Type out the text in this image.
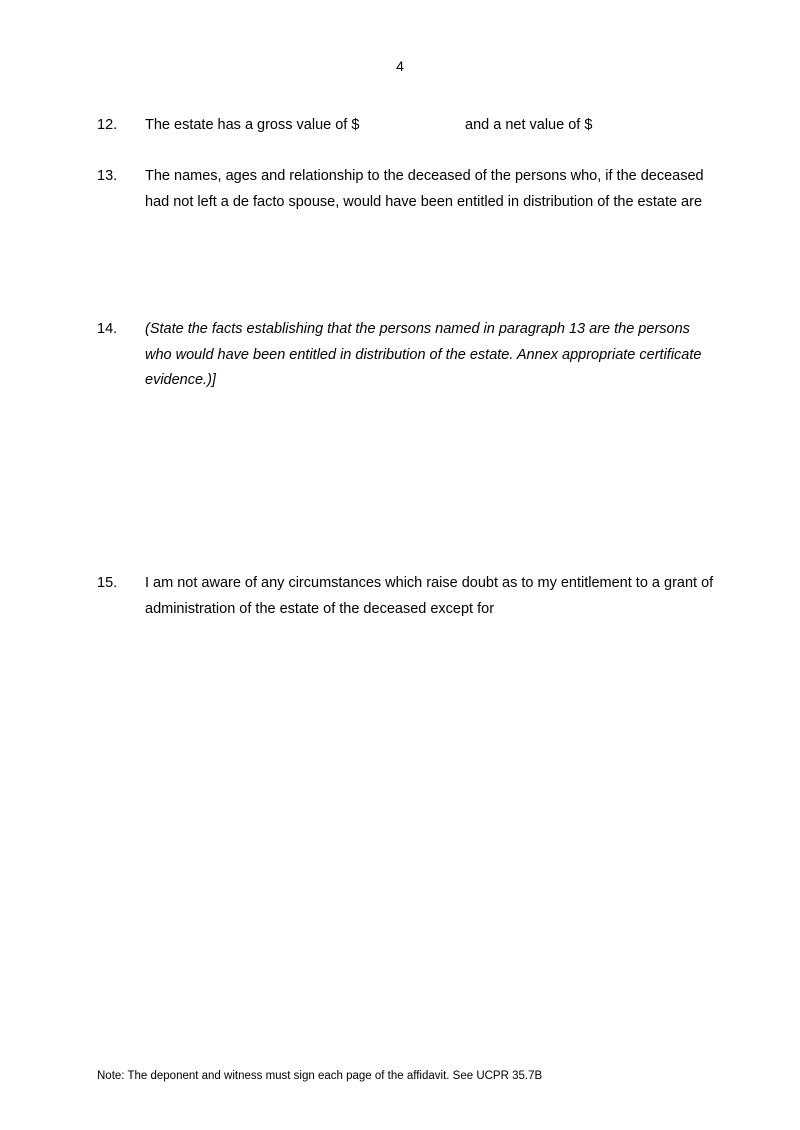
4
12. The estate has a gross value of $	and a net value of $
13. The names, ages and relationship to the deceased of the persons who, if the deceased had not left a de facto spouse, would have been entitled in distribution of the estate are
14. (State the facts establishing that the persons named in paragraph 13 are the persons who would have been entitled in distribution of the estate. Annex appropriate certificate evidence.)]
15. I am not aware of any circumstances which raise doubt as to my entitlement to a grant of administration of the estate of the deceased except for
Note: The deponent and witness must sign each page of the affidavit. See UCPR 35.7B
